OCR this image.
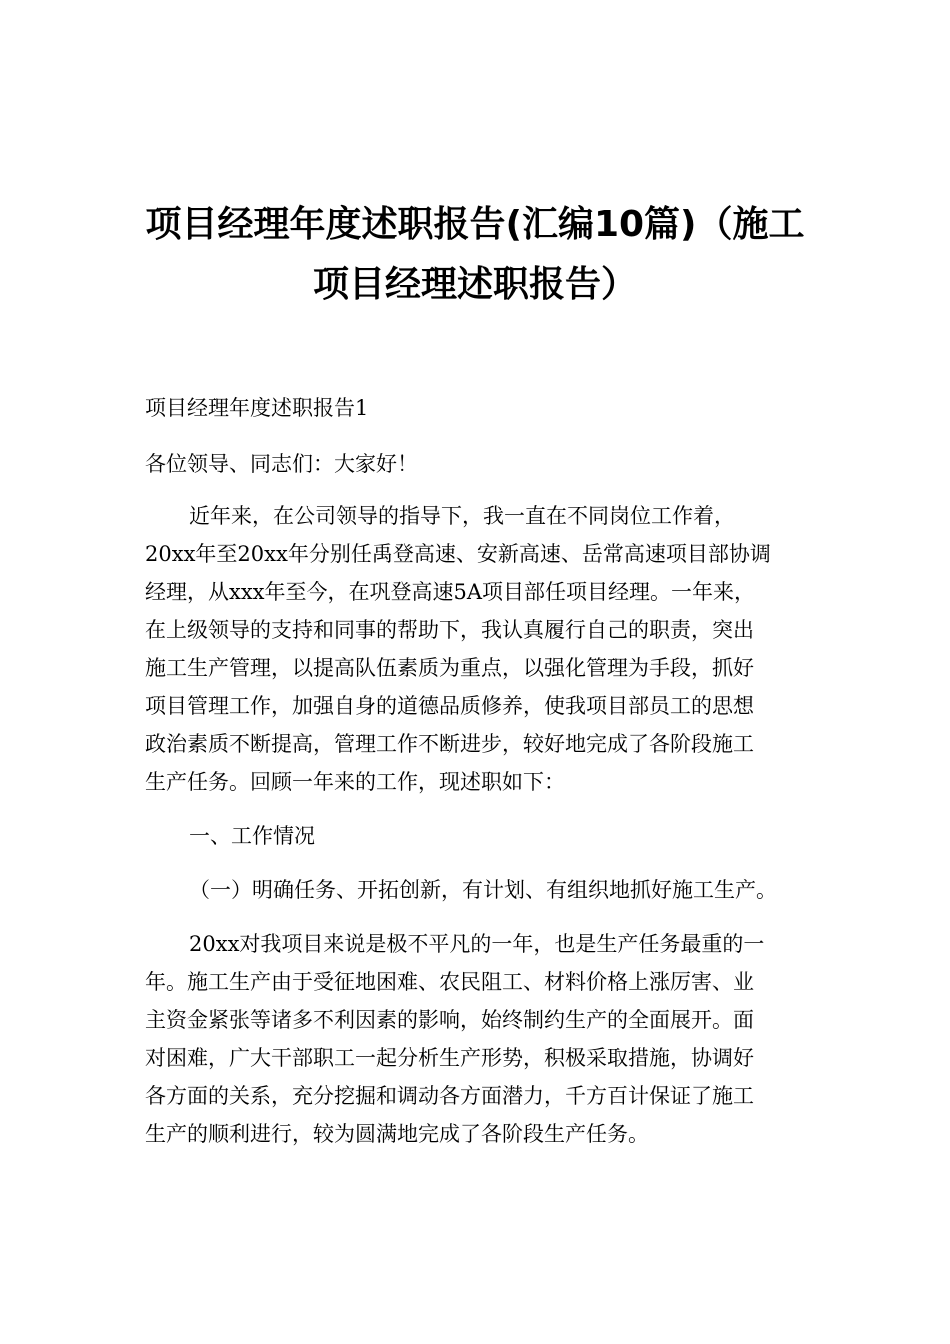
项目经理年度述职报告(汇编10篇)（施工
项目经理述职报告）
项目经理年度述职报告1
各位领导、同志们：大家好！
近年来，在公司领导的指导下，我一直在不同岗位工作着，
20xx年至20xx年分别任禹登高速、安新高速、岳常高速项目部协调
经理，从xxx年至今，在巩登高速5A项目部任项目经理。一年来，
在上级领导的支持和同事的帮助下，我认真履行自己的职责，突出
施工生产管理，以提高队伍素质为重点，以强化管理为手段，抓好
项目管理工作，加强自身的道德品质修养，使我项目部员工的思想
政治素质不断提高，管理工作不断进步，较好地完成了各阶段施工
生产任务。回顾一年来的工作，现述职如下：
一、工作情况
（一）明确任务、开拓创新，有计划、有组织地抓好施工生产。
20xx对我项目来说是极不平凡的一年，也是生产任务最重的一
年。施工生产由于受征地困难、农民阻工、材料价格上涨厉害、业
主资金紧张等诸多不利因素的影响，始终制约生产的全面展开。面
对困难，广大干部职工一起分析生产形势，积极采取措施，协调好
各方面的关系，充分挖掘和调动各方面潜力，千方百计保证了施工
生产的顺利进行，较为圆满地完成了各阶段生产任务。
